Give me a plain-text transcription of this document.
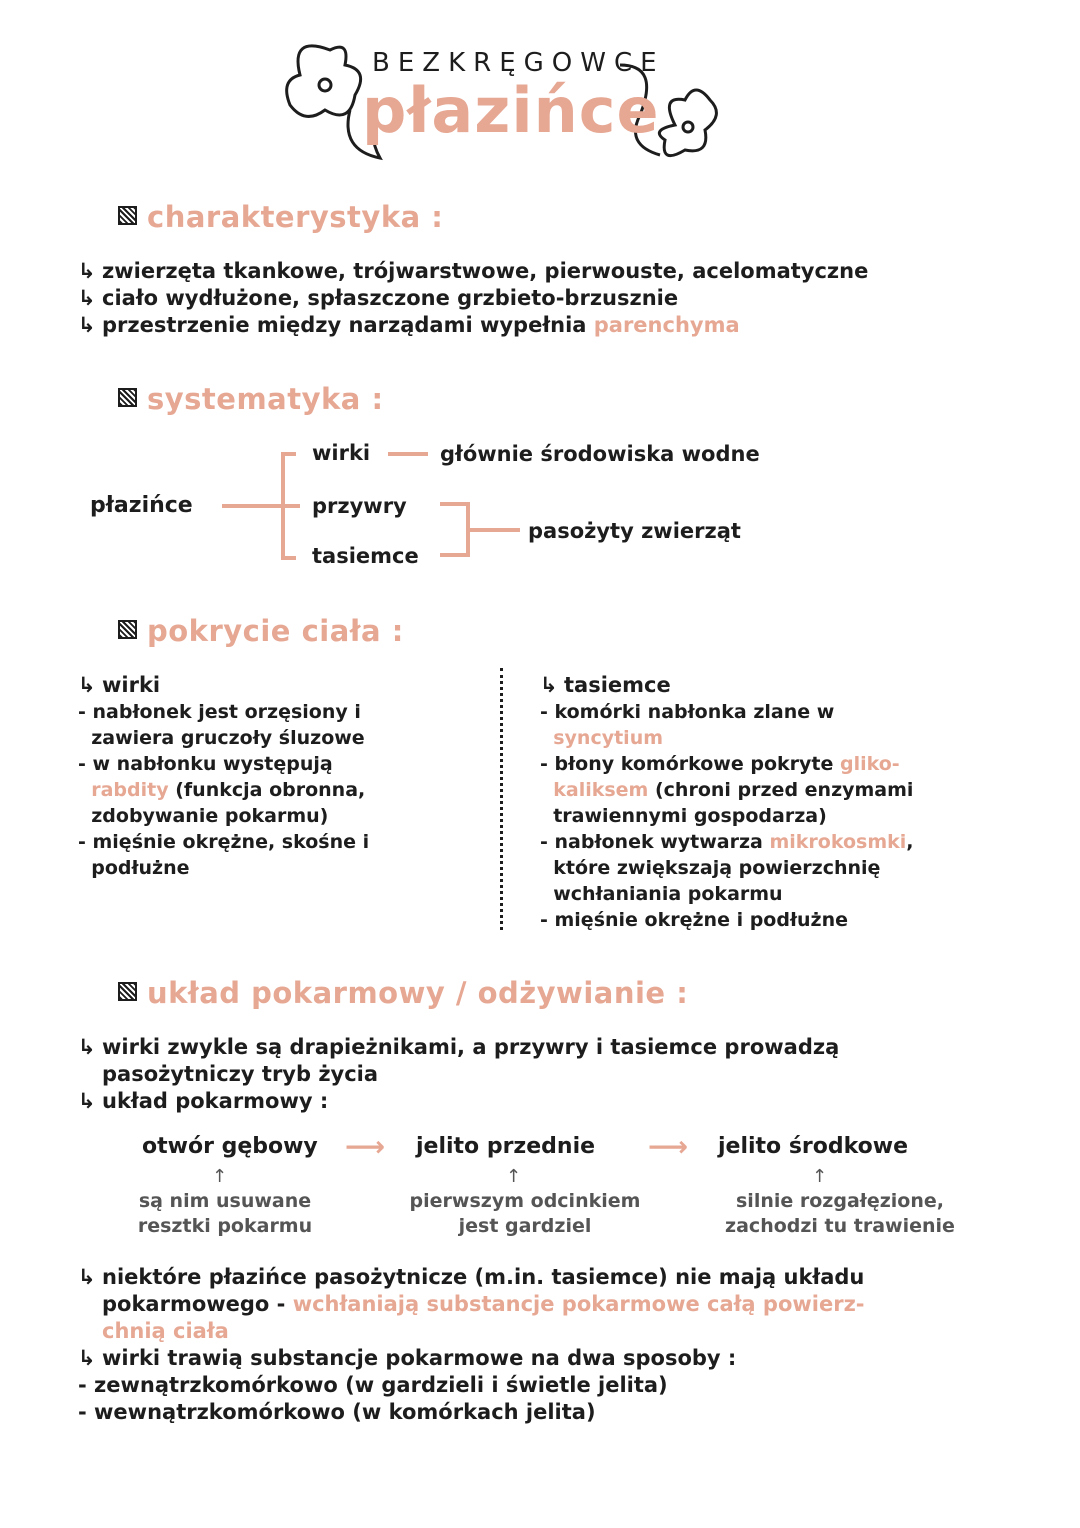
BEZKRĘGOWCE
płazińce
charakterystyka :
↳ zwierzęta tkankowe, trójwarstwowe, pierwouste, acelomatyczne
↳ ciało wydłużone, spłaszczone grzbieto-brzusznie
↳ przestrzenie między narządami wypełnia parenchyma
systematyka :
płazińce
wirki
przywry
tasiemce
głównie środowiska wodne
pasożyty zwierząt
pokrycie ciała :
↳ wirki
- nabłonek jest orzęsiony i
zawiera gruczoły śluzowe
- w nabłonku występują
rabdity (funkcja obronna,
zdobywanie pokarmu)
- mięśnie okrężne, skośne i
podłużne
↳ tasiemce
- komórki nabłonka zlane w
syncytium
- błony komórkowe pokryte gliko-
kaliksem (chroni przed enzymami
trawiennymi gospodarza)
- nabłonek wytwarza mikrokosmki,
które zwiększają powierzchnię
wchłaniania pokarmu
- mięśnie okrężne i podłużne
układ pokarmowy / odżywianie :
↳ wirki zwykle są drapieżnikami, a przywry i tasiemce prowadzą
pasożytniczy tryb życia
↳ układ pokarmowy :
otwór gębowy ⟶ jelito przednie ⟶ jelito środkowe
↑	↑	↑
są nim usuwane
resztki pokarmu
pierwszym odcinkiem
jest gardziel
silnie rozgałęzione,
zachodzi tu trawienie
↳ niektóre płazińce pasożytnicze (m.in. tasiemce) nie mają układu
pokarmowego - wchłaniają substancje pokarmowe całą powierz-
chnią ciała
↳ wirki trawią substancje pokarmowe na dwa sposoby :
- zewnątrzkomórkowo (w gardzieli i świetle jelita)
- wewnątrzkomórkowo (w komórkach jelita)
